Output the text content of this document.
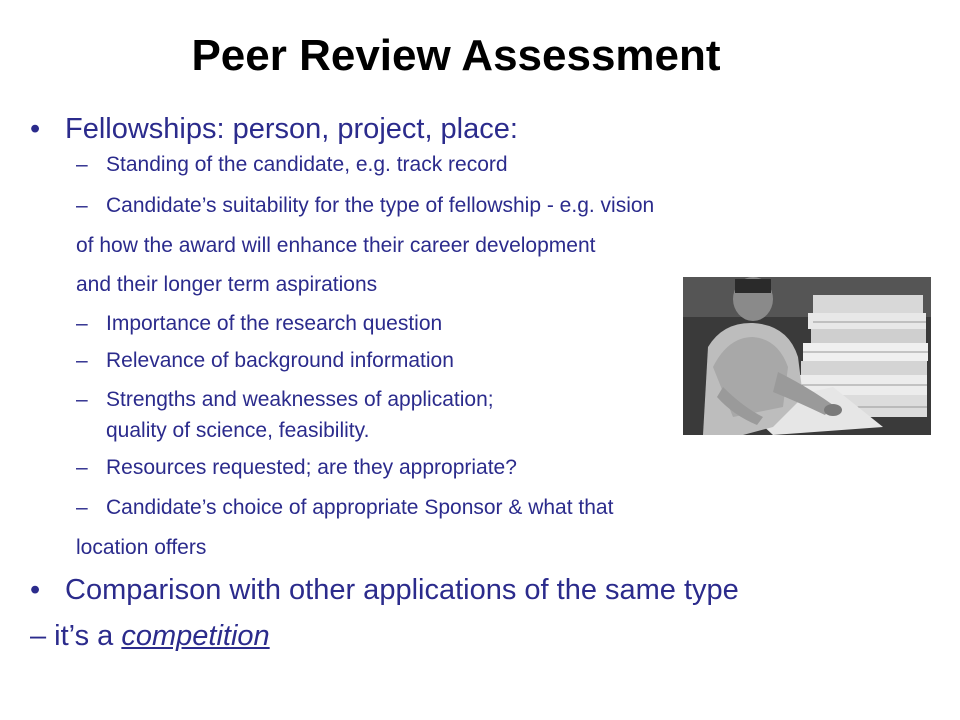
Peer Review Assessment
• Fellowships: person, project, place:
– Standing of the candidate, e.g. track record
– Candidate’s suitability for the type of fellowship - e.g. vision
of how the award will enhance their career development
and their longer term aspirations
– Importance of the research question
– Relevance of background information
– Strengths and weaknesses of application;
quality of science, feasibility.
– Resources requested; are they appropriate?
– Candidate’s choice of appropriate Sponsor & what that
location offers
• Comparison with other applications of the same type
– it’s a competition
